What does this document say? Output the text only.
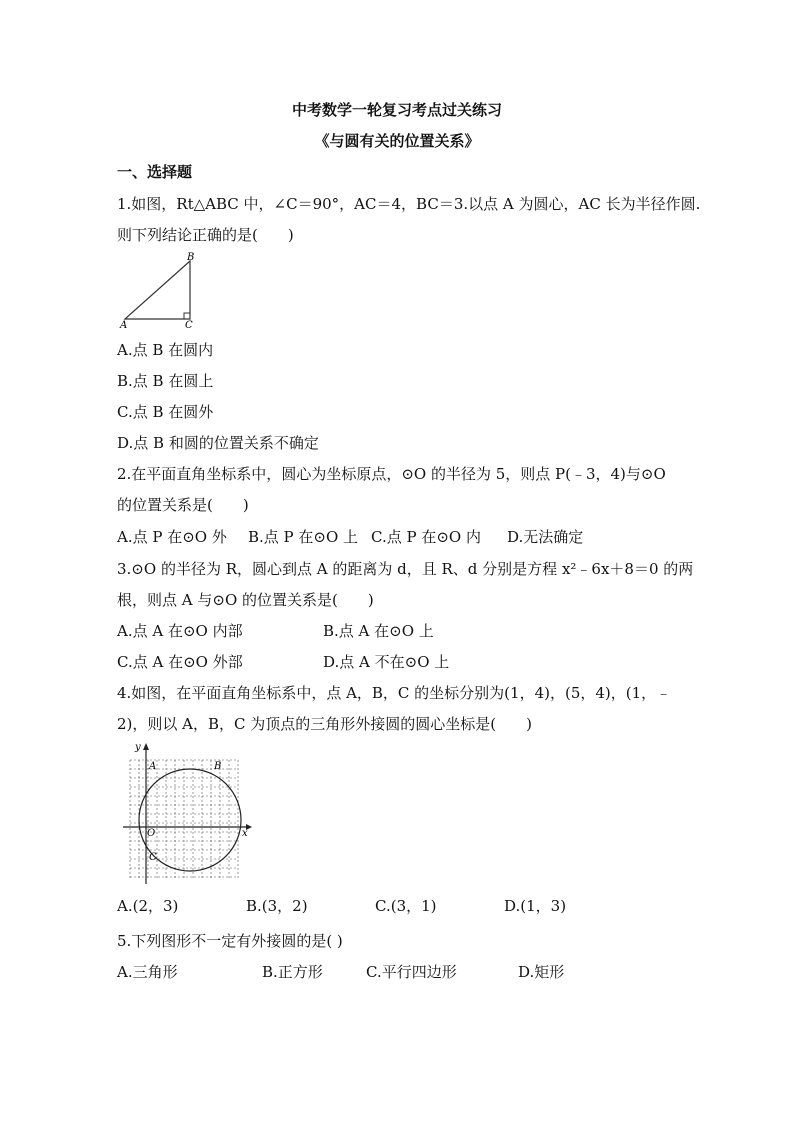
中考数学一轮复习考点过关练习
《与圆有关的位置关系》
一、选择题
1.如图，Rt△ABC 中，∠C＝90°，AC＝4，BC＝3.以点 A 为圆心，AC 长为半径作圆.
则下列结论正确的是(　　)
B
A	C
A.点 B 在圆内
B.点 B 在圆上
C.点 B 在圆外
D.点 B 和圆的位置关系不确定
2.在平面直角坐标系中，圆心为坐标原点，⊙O 的半径为 5，则点 P(﹣3，4)与⊙O
的位置关系是(　　)
A.点 P 在⊙O 外 B.点 P 在⊙O 上 C.点 P 在⊙O 内 D.无法确定
3.⊙O 的半径为 R，圆心到点 A 的距离为 d，且 R、d 分别是方程 x²﹣6x＋8＝0 的两
根，则点 A 与⊙O 的位置关系是(　　)
A.点 A 在⊙O 内部	B.点 A 在⊙O 上
C.点 A 在⊙O 外部	D.点 A 不在⊙O 上
4.如图，在平面直角坐标系中，点 A，B，C 的坐标分别为(1，4)，(5，4)，(1，﹣
2)，则以 A，B，C 为顶点的三角形外接圆的圆心坐标是(　　)
y
x
O
A	B
C
A.(2，3)	B.(3，2)	C.(3，1)	D.(1，3)
5.下列图形不一定有外接圆的是( )
A.三角形	B.正方形	C.平行四边形	D.矩形
